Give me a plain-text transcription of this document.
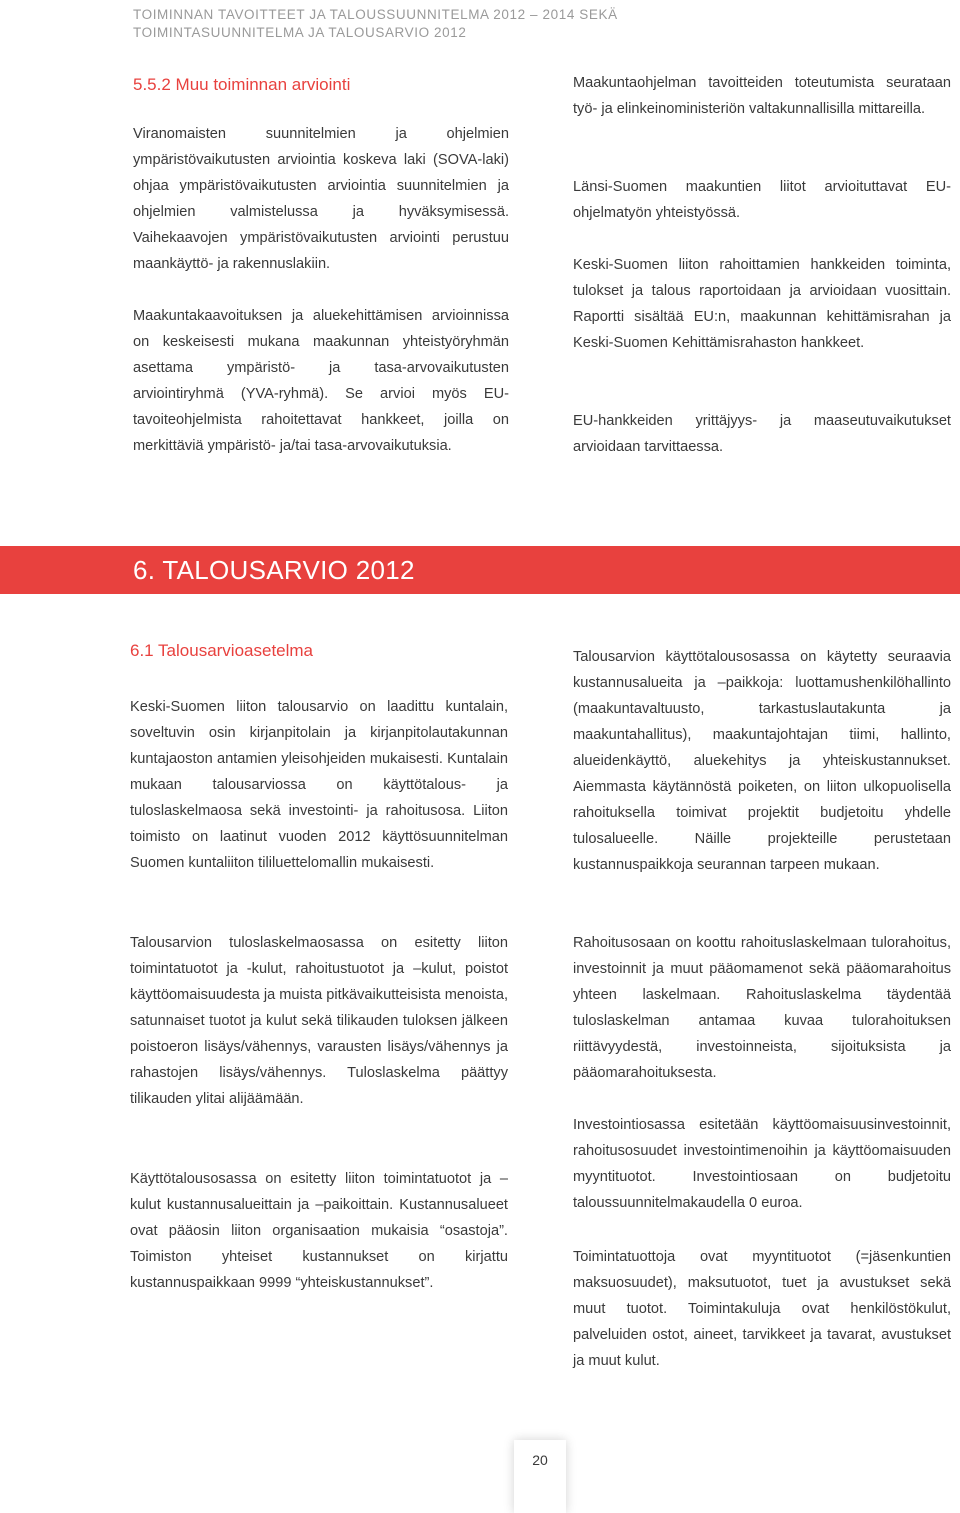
TOIMINNAN TAVOITTEET JA TALOUSSUUNNITELMA 2012 – 2014 SEKÄ
TOIMINTASUUNNITELMA JA TALOUSARVIO 2012
5.5.2 Muu toiminnan arviointi

Viranomaisten suunnitelmien ja ohjelmien ympäristövaikutusten arviointia koskeva laki (SOVA-laki) ohjaa ympäristövaikutusten arviointia suunnitelmien ja ohjelmien valmistelussa ja hyväksymisessä. Vaihekaavojen ympäristövaikutusten arviointi perustuu maankäyttö- ja rakennuslakiin.

Maakuntakaavoituksen ja aluekehittämisen arvioinnissa on keskeisesti mukana maakunnan yhteistyöryhmän asettama ympäristö- ja tasa-arvovaikutusten arviointiryhmä (YVA-ryhmä). Se arvioi myös EU-tavoiteohjelmista rahoitettavat hankkeet, joilla on merkittäviä ympäristö- ja/tai tasa-arvovaikutuksia.

Maakuntaohjelman tavoitteiden toteutumista seurataan työ- ja elinkeinoministeriön valtakunnallisilla mittareilla.

Länsi-Suomen maakuntien liitot arvioituttavat EU-ohjelmatyön yhteistyössä.

Keski-Suomen liiton rahoittamien hankkeiden toiminta, tulokset ja talous raportoidaan ja arvioidaan vuosittain. Raportti sisältää EU:n, maakunnan kehittämisrahan ja Keski-Suomen Kehittämisrahaston hankkeet.

EU-hankkeiden yrittäjyys- ja maaseutuvaikutukset arvioidaan tarvittaessa.

6. TALOUSARVIO 2012
6.1 Talousarvioasetelma

Keski-Suomen liiton talousarvio on laadittu kuntalain, soveltuvin osin kirjanpitolain ja kirjanpitolautakunnan kuntajaoston antamien yleisohjeiden mukaisesti. Kuntalain mukaan talousarviossa on käyttötalous- ja tuloslaskelmaosa sekä investointi- ja rahoitusosa. Liiton toimisto on laatinut vuoden 2012 käyttösuunnitelman Suomen kuntaliiton tililuettelomallin mukaisesti.

Talousarvion tuloslaskelmaosassa on esitetty liiton toimintatuotot ja -kulut, rahoitustuotot ja –kulut, poistot käyttöomaisuudesta ja muista pitkävaikutteisista menoista, satunnaiset tuotot ja kulut sekä tilikauden tuloksen jälkeen poistoeron lisäys/vähennys, varausten lisäys/vähennys ja rahastojen lisäys/vähennys. Tuloslaskelma päättyy tilikauden ylitai alijäämään.

Käyttötalousosassa on esitetty liiton toimintatuotot ja –kulut kustannusalueittain ja –paikoittain. Kustannusalueet ovat pääosin liiton organisaation mukaisia “osastoja”. Toimiston yhteiset kustannukset on kirjattu kustannuspaikkaan 9999 “yhteiskustannukset”.

Talousarvion käyttötalousosassa on käytetty seuraavia kustannusalueita ja –paikkoja: luottamushenkilöhallinto (maakuntavaltuusto, tarkastuslautakunta ja maakuntahallitus), maakuntajohtajan tiimi, hallinto, alueidenkäyttö, aluekehitys ja yhteiskustannukset. Aiemmasta käytännöstä poiketen, on liiton ulkopuolisella rahoituksella toimivat projektit budjetoitu yhdelle tulosalueelle. Näille projekteille perustetaan kustannuspaikkoja seurannan tarpeen mukaan.

Rahoitusosaan on koottu rahoituslaskelmaan tulorahoitus, investoinnit ja muut pääomamenot sekä pääomarahoitus yhteen laskelmaan. Rahoituslaskelma täydentää tuloslaskelman antamaa kuvaa tulorahoituksen riittävyydestä, investoinneista, sijoituksista ja pääomarahoituksesta.

Investointiosassa esitetään käyttöomaisuusinvestoinnit, rahoitusosuudet investointimenoihin ja käyttöomaisuuden myyntituotot. Investointiosaan on budjetoitu taloussuunnitelmakaudella 0 euroa.

Toimintatuottoja ovat myyntituotot (=jäsenkuntien maksuosuudet), maksutuotot, tuet ja avustukset sekä muut tuotot. Toimintakuluja ovat henkilöstökulut, palveluiden ostot, aineet, tarvikkeet ja tavarat, avustukset ja muut kulut.

20
